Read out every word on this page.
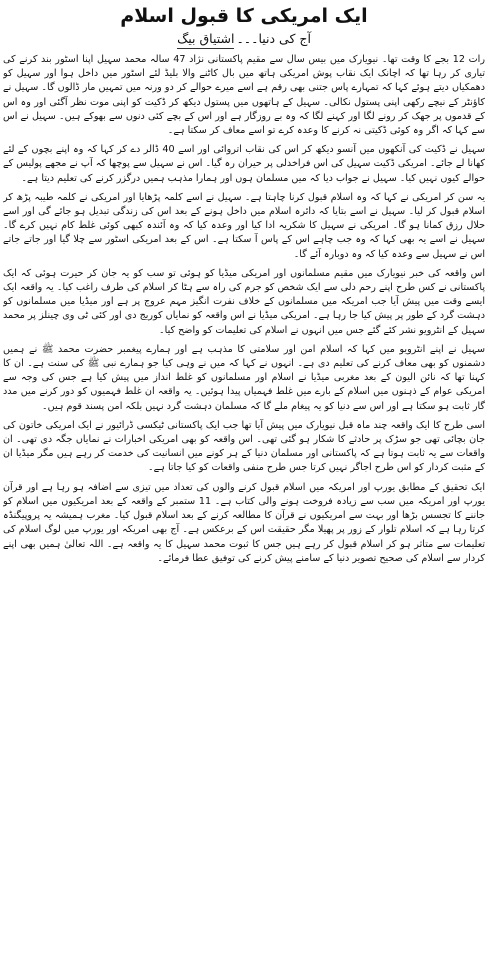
ایک امریکی کا قبول اسلام
آج کی دنیا۔۔۔
اشتیاق بیگ

رات 12 بجے کا وقت تھا۔ نیویارک میں بیس سال سے مقیم پاکستانی نژاد 47 سالہ محمد سہیل اپنا اسٹور بند کرنے کی تیاری کر رہا تھا کہ اچانک ایک نقاب پوش امریکی ہاتھ میں بال کاٹنے والا بلیڈ لئے اسٹور میں داخل ہوا اور سہیل کو دھمکیاں دیتے ہوئے کہا کہ تمہارے پاس جتنی بھی رقم ہے اسے میرے حوالے کر دو ورنہ میں تمہیں مار ڈالوں گا۔ سہیل نے کاؤنٹر کے نیچے رکھی اپنی پستول نکالی۔ سہیل کے ہاتھوں میں پستول دیکھ کر ڈکیت کو اپنی موت نظر آگئی اور وہ اس کے قدموں پر جھک کر رونے لگا اور کہنے لگا کہ وہ بے روزگار ہے اور اس کے بچے کئی دنوں سے بھوکے ہیں۔ سہیل نے اس سے کہا کہ اگر وہ کوئی ڈکیتی نہ کرنے کا وعدہ کرے تو اسے معاف کر سکتا ہے۔

سہیل نے ڈکیت کی آنکھوں میں آنسو دیکھ کر اس کی نقاب اتروائی اور اسے 40 ڈالر دے کر کہا کہ وہ اپنے بچوں کے لئے کھانا لے جائے۔ امریکی ڈکیت سہیل کی اس فراخدلی پر حیران رہ گیا۔ اس نے سہیل سے پوچھا کہ آپ نے مجھے پولیس کے حوالے کیوں نہیں کیا۔ سہیل نے جواب دیا کہ میں مسلمان ہوں اور ہمارا مذہب ہمیں درگزر کرنے کی تعلیم دیتا ہے۔

یہ سن کر امریکی نے کہا کہ وہ اسلام قبول کرنا چاہتا ہے۔ سہیل نے اسے کلمہ پڑھایا اور امریکی نے کلمہ طیبہ پڑھ کر اسلام قبول کر لیا۔ سہیل نے اسے بتایا کہ دائرہ اسلام میں داخل ہونے کے بعد اس کی زندگی تبدیل ہو جائے گی اور اسے حلال رزق کمانا ہو گا۔ امریکی نے سہیل کا شکریہ ادا کیا اور وعدہ کیا کہ وہ آئندہ کبھی کوئی غلط کام نہیں کرے گا۔ سہیل نے اسے یہ بھی کہا کہ وہ جب چاہے اس کے پاس آ سکتا ہے۔ اس کے بعد امریکی اسٹور سے چلا گیا اور جاتے جاتے اس نے سہیل سے وعدہ کیا کہ وہ دوبارہ آئے گا۔

اس واقعہ کی خبر نیویارک میں مقیم مسلمانوں اور امریکی میڈیا کو ہوئی تو سب کو یہ جان کر حیرت ہوئی کہ ایک پاکستانی نے کس طرح اپنے رحم دلی سے ایک شخص کو جرم کی راہ سے ہٹا کر اسلام کی طرف راغب کیا۔ یہ واقعہ ایک ایسے وقت میں پیش آیا جب امریکہ میں مسلمانوں کے خلاف نفرت انگیز مہم عروج پر ہے اور میڈیا میں مسلمانوں کو دہشت گرد کے طور پر پیش کیا جا رہا ہے۔ امریکی میڈیا نے اس واقعہ کو نمایاں کوریج دی اور کئی ٹی وی چینلز پر محمد سہیل کے انٹرویو نشر کئے گئے جس میں انہوں نے اسلام کی تعلیمات کو واضح کیا۔

سہیل نے اپنے انٹرویو میں کہا کہ اسلام امن اور سلامتی کا مذہب ہے اور ہمارے پیغمبر حضرت محمد ﷺ نے ہمیں دشمنوں کو بھی معاف کرنے کی تعلیم دی ہے۔ انہوں نے کہا کہ میں نے وہی کیا جو ہمارے نبی ﷺ کی سنت ہے۔ ان کا کہنا تھا کہ نائن الیون کے بعد مغربی میڈیا نے اسلام اور مسلمانوں کو غلط انداز میں پیش کیا ہے جس کی وجہ سے امریکی عوام کے ذہنوں میں اسلام کے بارے میں غلط فہمیاں پیدا ہوئیں۔ یہ واقعہ ان غلط فہمیوں کو دور کرنے میں مدد گار ثابت ہو سکتا ہے اور اس سے دنیا کو یہ پیغام ملے گا کہ مسلمان دہشت گرد نہیں بلکہ امن پسند قوم ہیں۔

اسی طرح کا ایک واقعہ چند ماہ قبل نیویارک میں پیش آیا تھا جب ایک پاکستانی ٹیکسی ڈرائیور نے ایک امریکی خاتون کی جان بچائی تھی جو سڑک پر حادثے کا شکار ہو گئی تھی۔ اس واقعہ کو بھی امریکی اخبارات نے نمایاں جگہ دی تھی۔ ان واقعات سے یہ ثابت ہوتا ہے کہ پاکستانی اور مسلمان دنیا کے ہر کونے میں انسانیت کی خدمت کر رہے ہیں مگر میڈیا ان کے مثبت کردار کو اس طرح اجاگر نہیں کرتا جس طرح منفی واقعات کو کیا جاتا ہے۔

ایک تحقیق کے مطابق یورپ اور امریکہ میں اسلام قبول کرنے والوں کی تعداد میں تیزی سے اضافہ ہو رہا ہے اور قرآن یورپ اور امریکہ میں سب سے زیادہ فروخت ہونے والی کتاب ہے۔ 11 ستمبر کے واقعہ کے بعد امریکیوں میں اسلام کو جاننے کا تجسس بڑھا اور بہت سے امریکیوں نے قرآن کا مطالعہ کرنے کے بعد اسلام قبول کیا۔ مغرب ہمیشہ یہ پروپیگنڈہ کرتا رہا ہے کہ اسلام تلوار کے زور پر پھیلا مگر حقیقت اس کے برعکس ہے۔ آج بھی امریکہ اور یورپ میں لوگ اسلام کی تعلیمات سے متاثر ہو کر اسلام قبول کر رہے ہیں جس کا ثبوت محمد سہیل کا یہ واقعہ ہے۔ اللہ تعالیٰ ہمیں بھی اپنے کردار سے اسلام کی صحیح تصویر دنیا کے سامنے پیش کرنے کی توفیق عطا فرمائے۔
